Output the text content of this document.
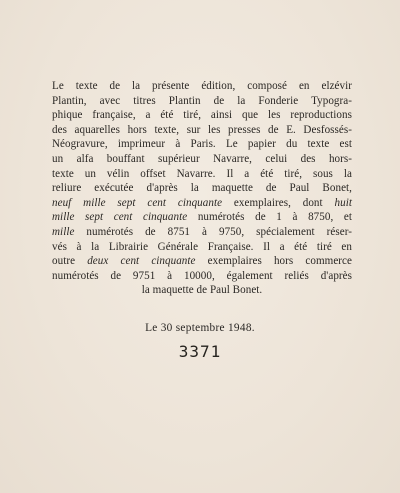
Le texte de la présente édition, composé en elzévir
Plantin, avec titres Plantin de la Fonderie Typogra-
phique française, a été tiré, ainsi que les reproductions
des aquarelles hors texte, sur les presses de E. Desfossés-
Néogravure, imprimeur à Paris. Le papier du texte est
un alfa bouffant supérieur Navarre, celui des hors-
texte un vélin offset Navarre. Il a été tiré, sous la
reliure exécutée d'après la maquette de Paul Bonet,
neuf mille sept cent cinquante exemplaires, dont huit
mille sept cent cinquante numérotés de 1 à 8750, et
mille numérotés de 8751 à 9750, spécialement réser-
vés à la Librairie Générale Française. Il a été tiré en
outre deux cent cinquante exemplaires hors commerce
numérotés de 9751 à 10000, également reliés d'après
la maquette de Paul Bonet.
Le 30 septembre 1948.
3371
